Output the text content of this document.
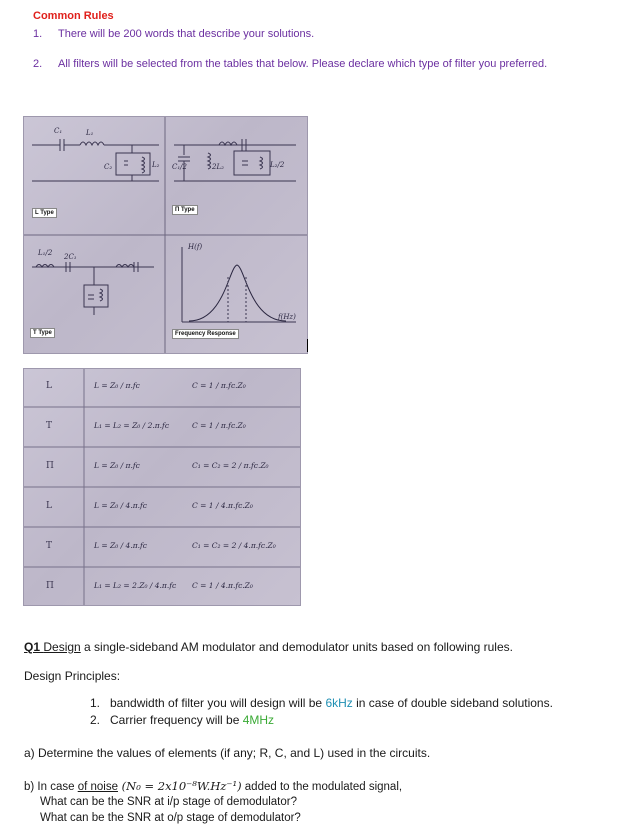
Common Rules
1. There will be 200 words that describe your solutions.
2. All filters will be selected from the tables that below. Please declare which type of filter you preferred.
C₁	L₁
C₂	L₂ C₁/2	2L₂	L₂/2
L₁/2 2C₁
H(f)
f(Hz)
L Type	Π Type
T Type	Frequency Response
L	L = Z₀ / π.fᴄ	C = 1 / π.fᴄ.Z₀
T	L₁ = L₂ = Z₀ / 2.π.fᴄ	C = 1 / π.fᴄ.Z₀
Π	L = Z₀ / π.fᴄ	C₁ = C₂ = 2 / π.fᴄ.Z₀
L	L = Z₀ / 4.π.fᴄ	C = 1 / 4.π.fᴄ.Z₀
T	L = Z₀ / 4.π.fᴄ	C₁ = C₂ = 2 / 4.π.fᴄ.Z₀
Π	L₁ = L₂ = 2.Z₀ / 4.π.fᴄ	C = 1 / 4.π.fᴄ.Z₀
Q1 Design a single-sideband AM modulator and demodulator units based on following rules.
Design Principles:
1. bandwidth of filter you will design will be 6kHz in case of double sideband solutions.
2. Carrier frequency will be 4MHz
a) Determine the values of elements (if any; R, C, and L) used in the circuits.
b) In case of noise (N₀ = 2x10⁻⁸W.Hz⁻¹) added to the modulated signal,
What can be the SNR at i/p stage of demodulator?
What can be the SNR at o/p stage of demodulator?
